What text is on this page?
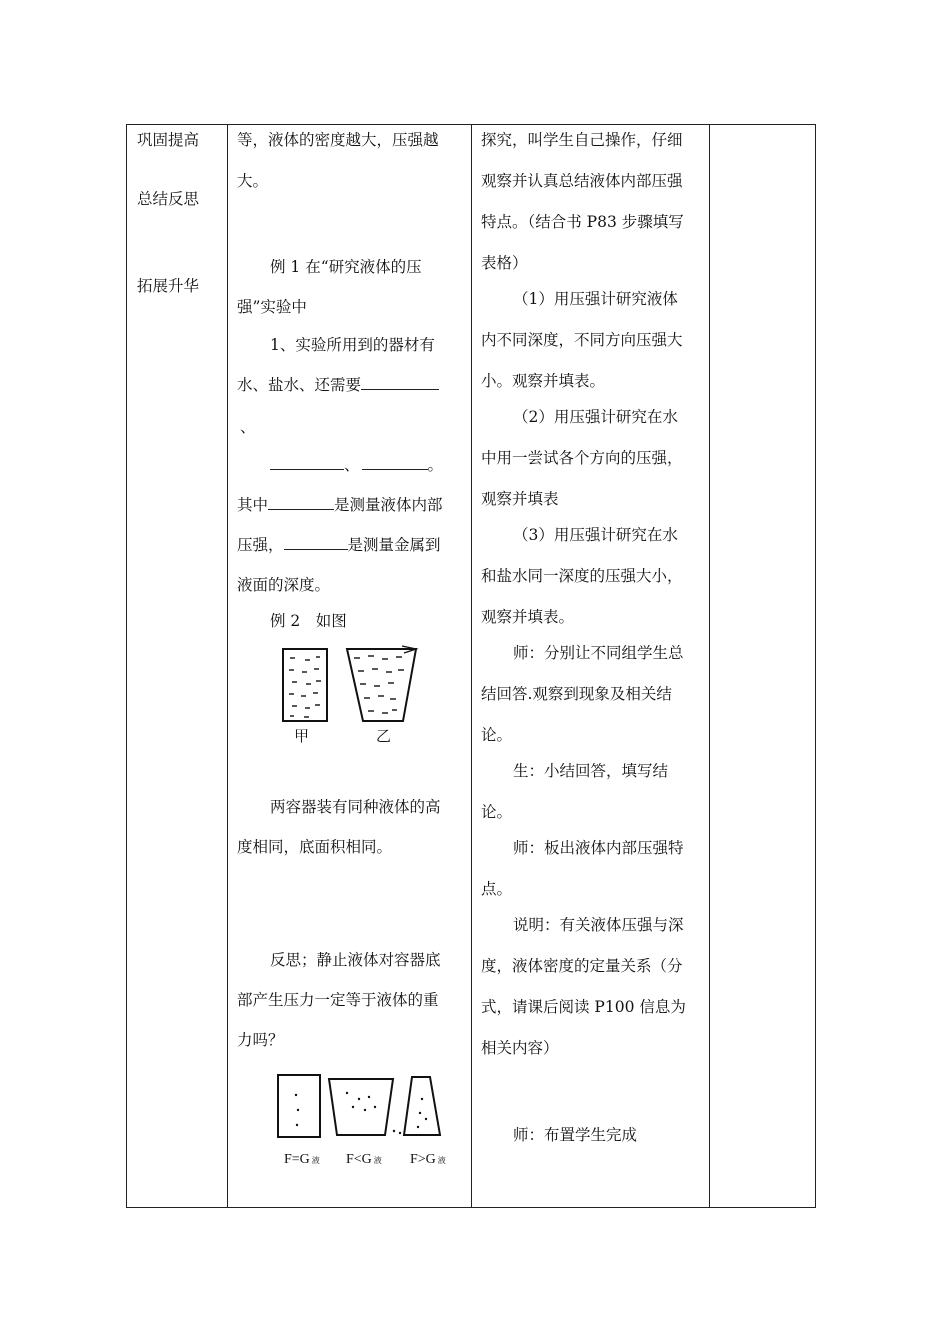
巩固提高
总结反思
拓展升华
等，液体的密度越大，压强越
大。
例 1 在“研究液体的压
强”实验中
1、实验所用到的器材有
水、盐水、还需要
、
、	。
其中	是测量液体内部
压强，	是测量金属到
液面的深度。
例 2　如图
甲	乙
两容器装有同种液体的高
度相同，底面积相同。
反思；静止液体对容器底
部产生压力一定等于液体的重
力吗？
F=G 液 F<G 液 F>G 液
探究，叫学生自己操作，仔细
观察并认真总结液体内部压强
特点。（结合书 P83 步骤填写
表格）
（1）用压强计研究液体
内不同深度，不同方向压强大
小。观察并填表。
（2）用压强计研究在水
中用一尝试各个方向的压强，
观察并填表
（3）用压强计研究在水
和盐水同一深度的压强大小，
观察并填表。
师：分别让不同组学生总
结回答.观察到现象及相关结
论。
生：小结回答，填写结
论。
师：板出液体内部压强特
点。
说明：有关液体压强与深
度，液体密度的定量关系（分
式，请课后阅读 P100 信息为
相关内容）
师：布置学生完成
